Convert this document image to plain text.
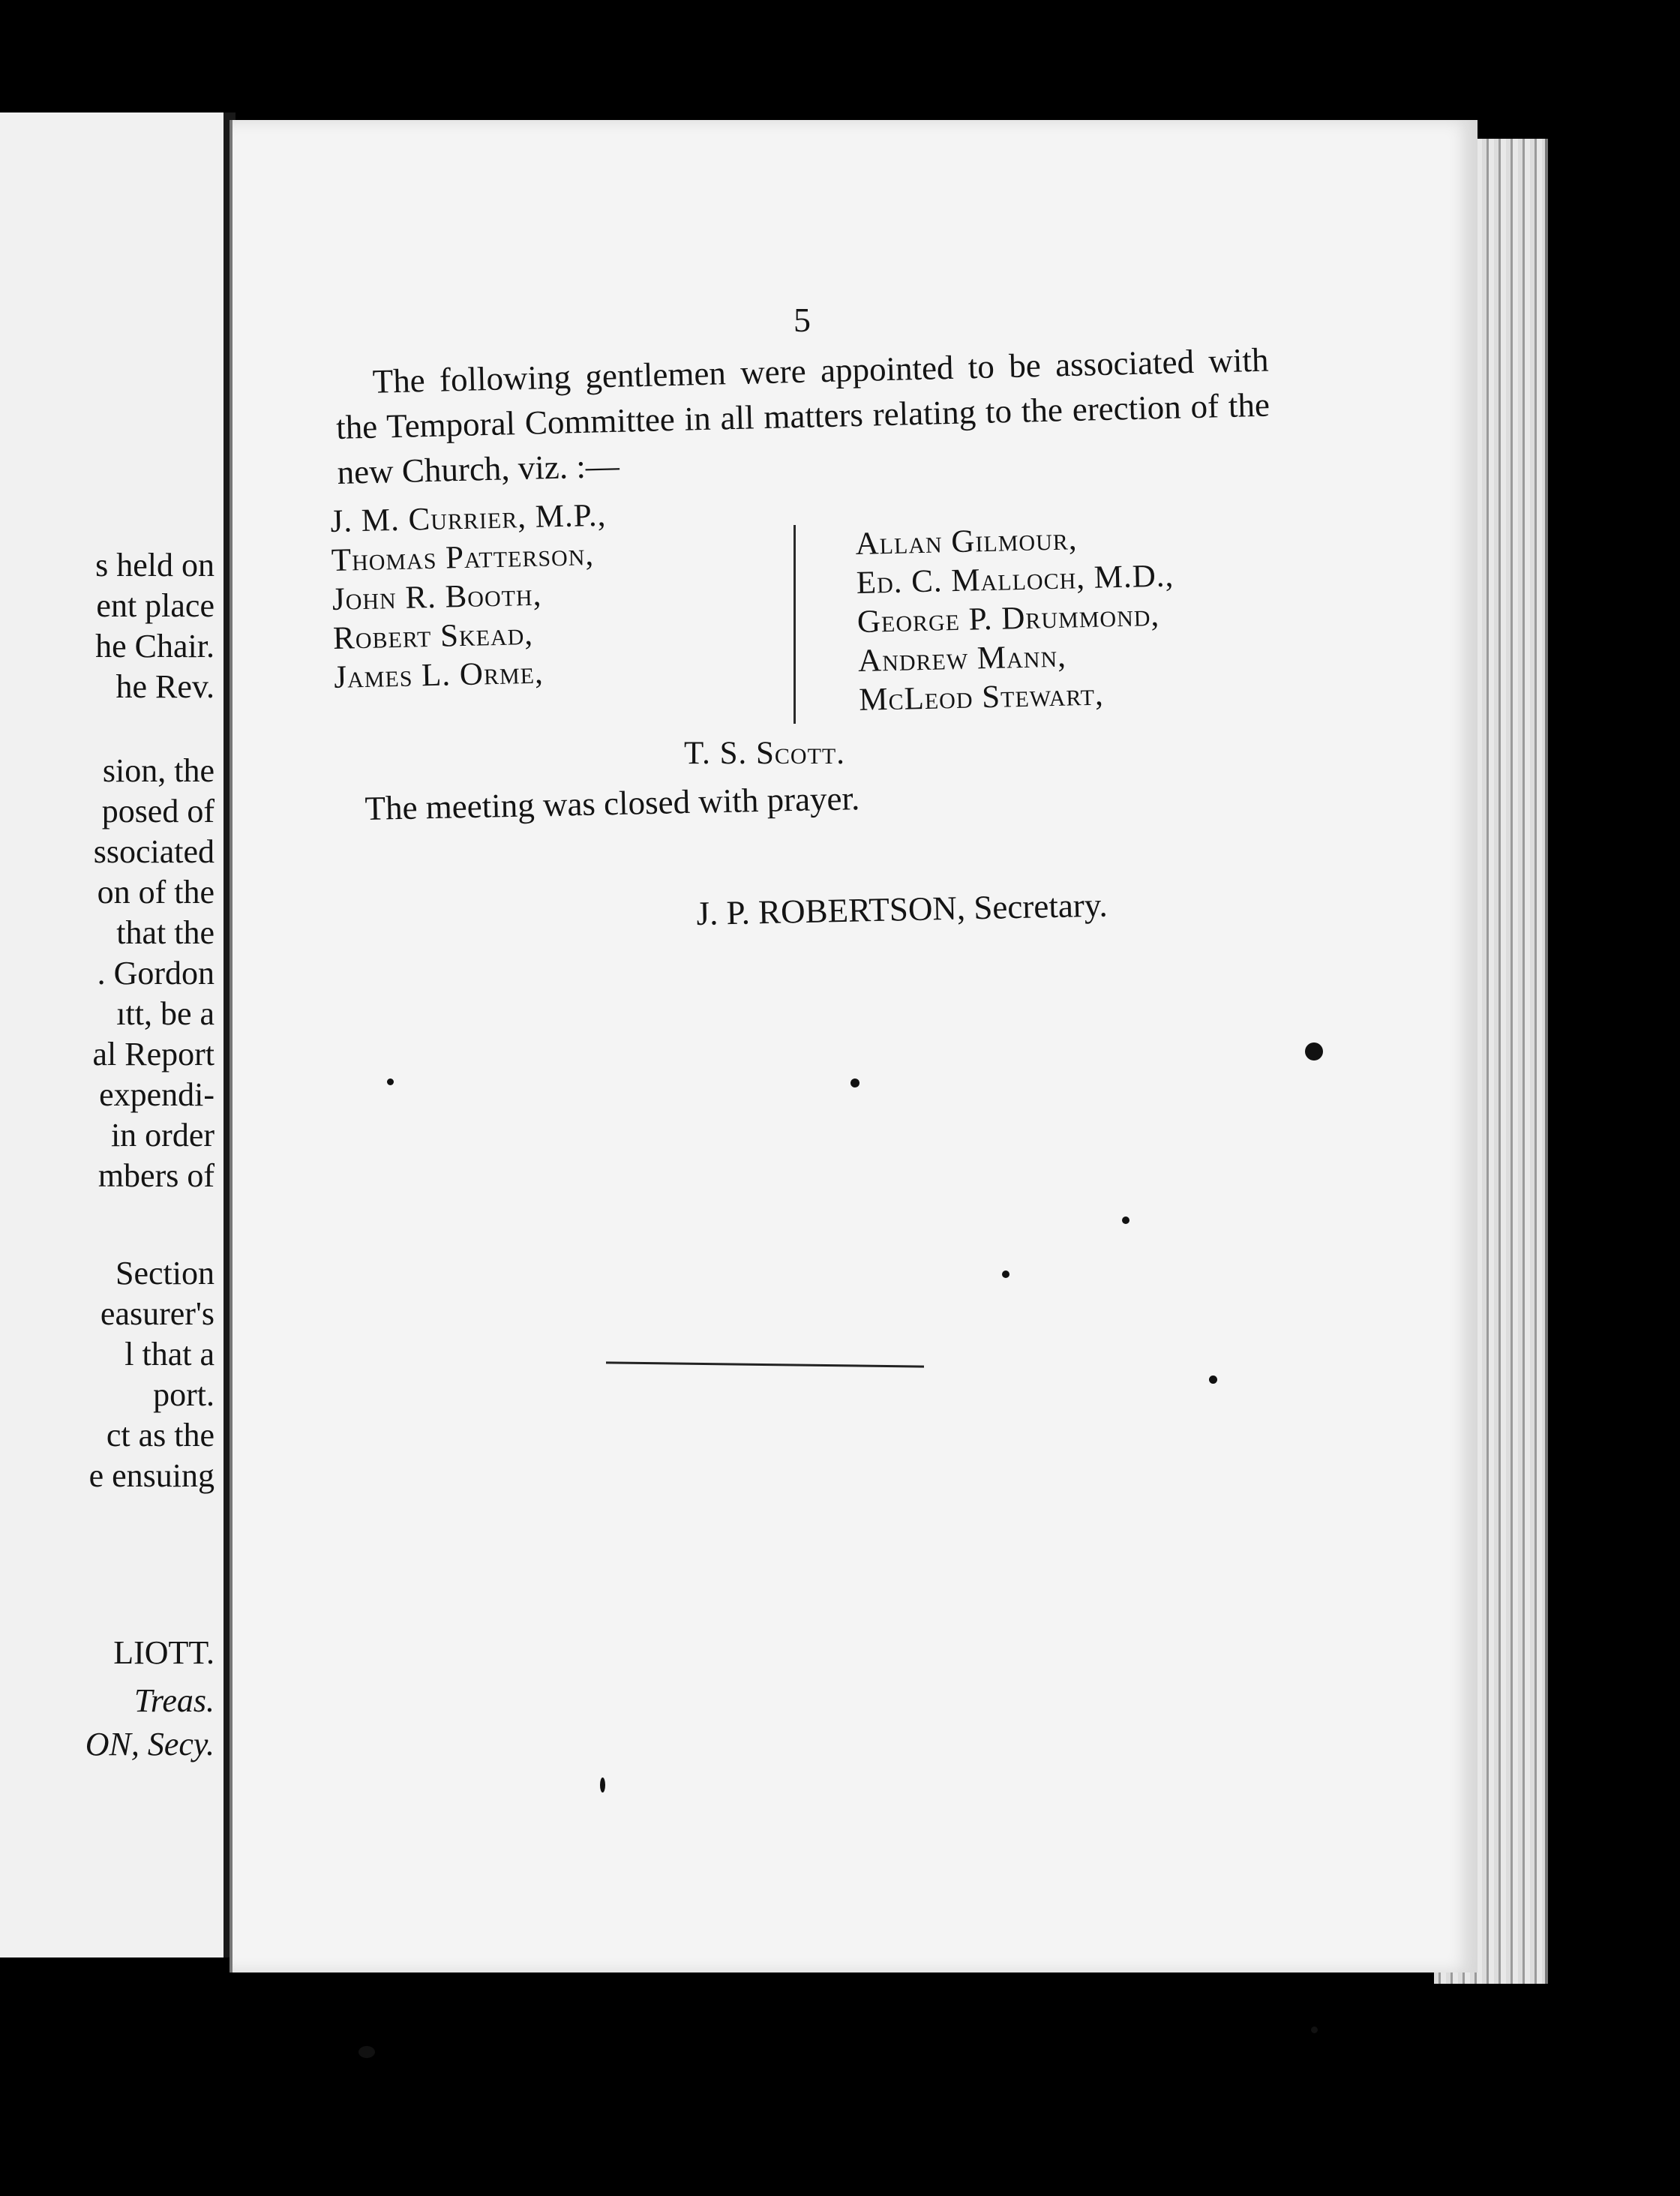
s held on
ent place
he Chair.
he Rev.
sion, the
posed of
ssociated
on of the
that the
. Gordon
ıtt, be a
al Report
expendi-
in order
mbers of
Section
easurer's
l that a
port.
ct as the
e ensuing
LIOTT.
Treas.
ON, Secy.
5
The following gentlemen were appointed to be associated with the Temporal Committee in all matters relating to the erection of the new Church, viz. :—
J. M. Currier, M.P.,
Thomas Patterson,
John R. Booth,
Robert Skead,
James L. Orme,
Allan Gilmour,
Ed. C. Malloch, M.D.,
George P. Drummond,
Andrew Mann,
McLeod Stewart,
T. S. Scott.
The meeting was closed with prayer.
J. P. ROBERTSON, Secretary.
